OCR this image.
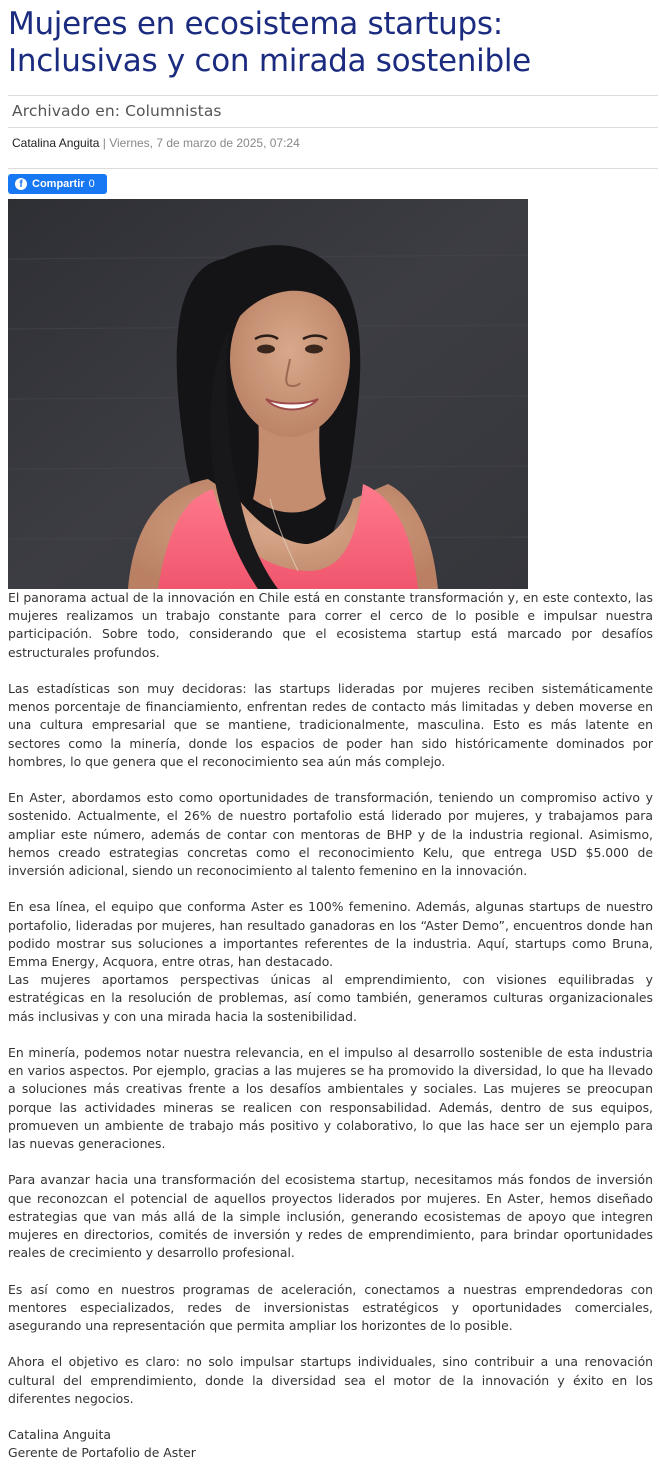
Mujeres en ecosistema startups: Inclusivas y con mirada sostenible
Archivado en: Columnistas
Catalina Anguita | Viernes, 7 de marzo de 2025, 07:24
f Compartir 0

El panorama actual de la innovación en Chile está en constante transformación y, en este contexto, las mujeres realizamos un trabajo constante para correr el cerco de lo posible e impulsar nuestra participación. Sobre todo, considerando que el ecosistema startup está marcado por desafíos estructurales profundos.

Las estadísticas son muy decidoras: las startups lideradas por mujeres reciben sistemáticamente menos porcentaje de financiamiento, enfrentan redes de contacto más limitadas y deben moverse en una cultura empresarial que se mantiene, tradicionalmente, masculina. Esto es más latente en sectores como la minería, donde los espacios de poder han sido históricamente dominados por hombres, lo que genera que el reconocimiento sea aún más complejo.

En Aster, abordamos esto como oportunidades de transformación, teniendo un compromiso activo y sostenido. Actualmente, el 26% de nuestro portafolio está liderado por mujeres, y trabajamos para ampliar este número, además de contar con mentoras de BHP y de la industria regional. Asimismo, hemos creado estrategias concretas como el reconocimiento Kelu, que entrega USD $5.000 de inversión adicional, siendo un reconocimiento al talento femenino en la innovación.

En esa línea, el equipo que conforma Aster es 100% femenino. Además, algunas startups de nuestro portafolio, lideradas por mujeres, han resultado ganadoras en los “Aster Demo”, encuentros donde han podido mostrar sus soluciones a importantes referentes de la industria. Aquí, startups como Bruna, Emma Energy, Acquora, entre otras, han destacado.

Las mujeres aportamos perspectivas únicas al emprendimiento, con visiones equilibradas y estratégicas en la resolución de problemas, así como también, generamos culturas organizacionales más inclusivas y con una mirada hacia la sostenibilidad.

En minería, podemos notar nuestra relevancia, en el impulso al desarrollo sostenible de esta industria en varios aspectos. Por ejemplo, gracias a las mujeres se ha promovido la diversidad, lo que ha llevado a soluciones más creativas frente a los desafíos ambientales y sociales. Las mujeres se preocupan porque las actividades mineras se realicen con responsabilidad. Además, dentro de sus equipos, promueven un ambiente de trabajo más positivo y colaborativo, lo que las hace ser un ejemplo para las nuevas generaciones.

Para avanzar hacia una transformación del ecosistema startup, necesitamos más fondos de inversión que reconozcan el potencial de aquellos proyectos liderados por mujeres. En Aster, hemos diseñado estrategias que van más allá de la simple inclusión, generando ecosistemas de apoyo que integren mujeres en directorios, comités de inversión y redes de emprendimiento, para brindar oportunidades reales de crecimiento y desarrollo profesional.

Es así como en nuestros programas de aceleración, conectamos a nuestras emprendedoras con mentores especializados, redes de inversionistas estratégicos y oportunidades comerciales, asegurando una representación que permita ampliar los horizontes de lo posible.

Ahora el objetivo es claro: no solo impulsar startups individuales, sino contribuir a una renovación cultural del emprendimiento, donde la diversidad sea el motor de la innovación y éxito en los diferentes negocios.

Catalina Anguita

Gerente de Portafolio de Aster
